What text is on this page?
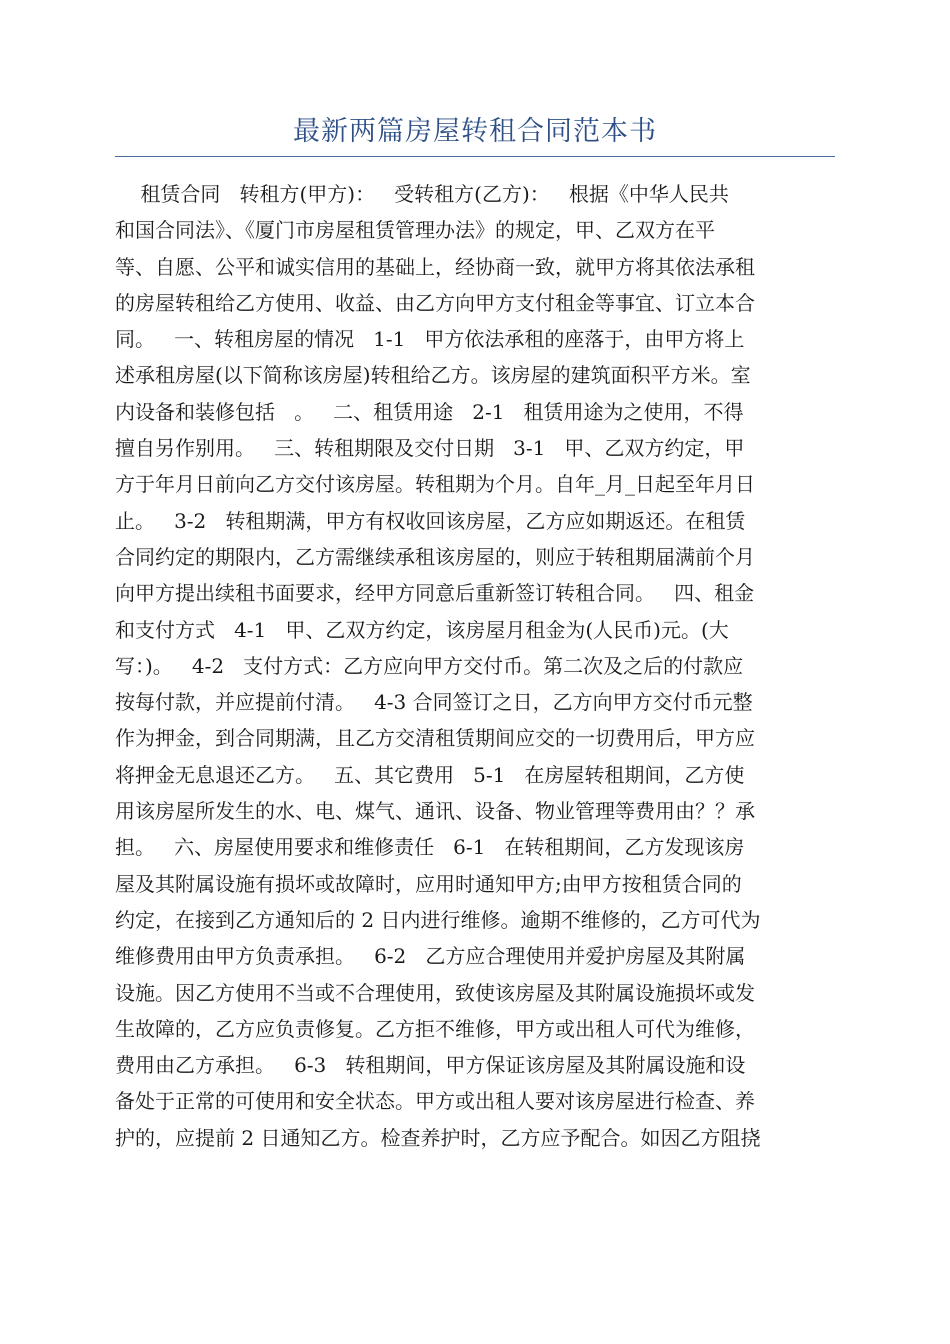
最新两篇房屋转租合同范本书
租赁合同   转租方(甲方)：   受转租方(乙方)：   根据《中华人民共
和国合同法》、《厦门市房屋租赁管理办法》的规定，甲、乙双方在平
等、自愿、公平和诚实信用的基础上，经协商一致，就甲方将其依法承租
的房屋转租给乙方使用、收益、由乙方向甲方支付租金等事宜、订立本合
同。   一、转租房屋的情况   1-1   甲方依法承租的座落于，由甲方将上
述承租房屋(以下简称该房屋)转租给乙方。该房屋的建筑面积平方米。室
内设备和装修包括   。   二、租赁用途   2-1   租赁用途为之使用，不得
擅自另作别用。   三、转租期限及交付日期   3-1   甲、乙双方约定，甲
方于年月日前向乙方交付该房屋。转租期为个月。自年_月_日起至年月日
止。   3-2   转租期满，甲方有权收回该房屋，乙方应如期返还。在租赁
合同约定的期限内，乙方需继续承租该房屋的，则应于转租期届满前个月
向甲方提出续租书面要求，经甲方同意后重新签订转租合同。   四、租金
和支付方式   4-1   甲、乙双方约定，该房屋月租金为(人民币)元。(大
写：)。   4-2   支付方式：乙方应向甲方交付币。第二次及之后的付款应
按每付款，并应提前付清。   4-3 合同签订之日，乙方向甲方交付币元整
作为押金，到合同期满，且乙方交清租赁期间应交的一切费用后，甲方应
将押金无息退还乙方。   五、其它费用   5-1   在房屋转租期间，乙方使
用该房屋所发生的水、电、煤气、通讯、设备、物业管理等费用由？？承
担。   六、房屋使用要求和维修责任   6-1   在转租期间，乙方发现该房
屋及其附属设施有损坏或故障时，应用时通知甲方;由甲方按租赁合同的
约定，在接到乙方通知后的 2 日内进行维修。逾期不维修的，乙方可代为
维修费用由甲方负责承担。   6-2   乙方应合理使用并爱护房屋及其附属
设施。因乙方使用不当或不合理使用，致使该房屋及其附属设施损坏或发
生故障的，乙方应负责修复。乙方拒不维修，甲方或出租人可代为维修，
费用由乙方承担。   6-3   转租期间，甲方保证该房屋及其附属设施和设
备处于正常的可使用和安全状态。甲方或出租人要对该房屋进行检查、养
护的，应提前 2 日通知乙方。检查养护时，乙方应予配合。如因乙方阻挠
